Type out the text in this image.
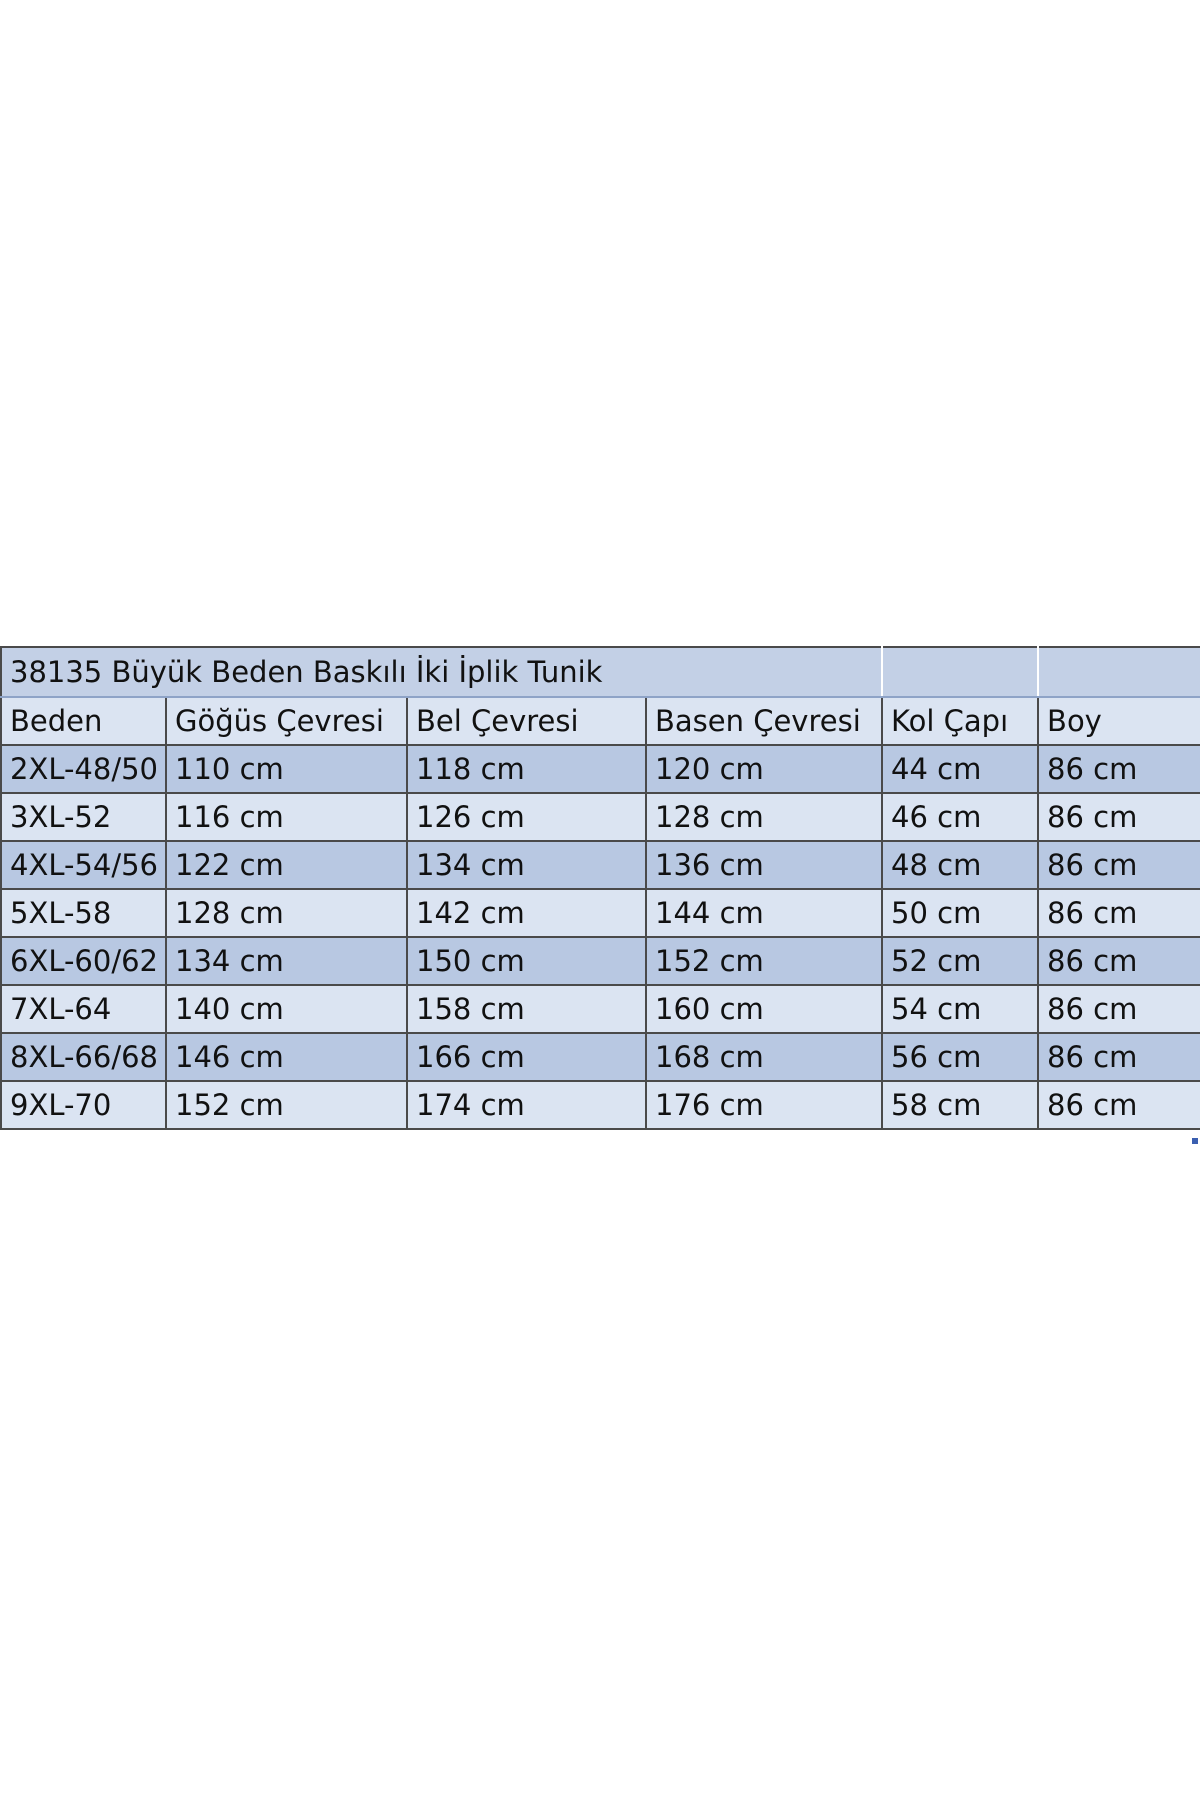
38135 Büyük Beden Baskılı İki İplik Tunik					
Beden	Göğüs Çevresi	Bel Çevresi	Basen Çevresi	Kol Çapı	Boy
2XL-48/50	110 cm	118 cm	120 cm	44 cm	86 cm
3XL-52	116 cm	126 cm	128 cm	46 cm	86 cm
4XL-54/56	122 cm	134 cm	136 cm	48 cm	86 cm
5XL-58	128 cm	142 cm	144 cm	50 cm	86 cm
6XL-60/62	134 cm	150 cm	152 cm	52 cm	86 cm
7XL-64	140 cm	158 cm	160 cm	54 cm	86 cm
8XL-66/68	146 cm	166 cm	168 cm	56 cm	86 cm
9XL-70	152 cm	174 cm	176 cm	58 cm	86 cm
